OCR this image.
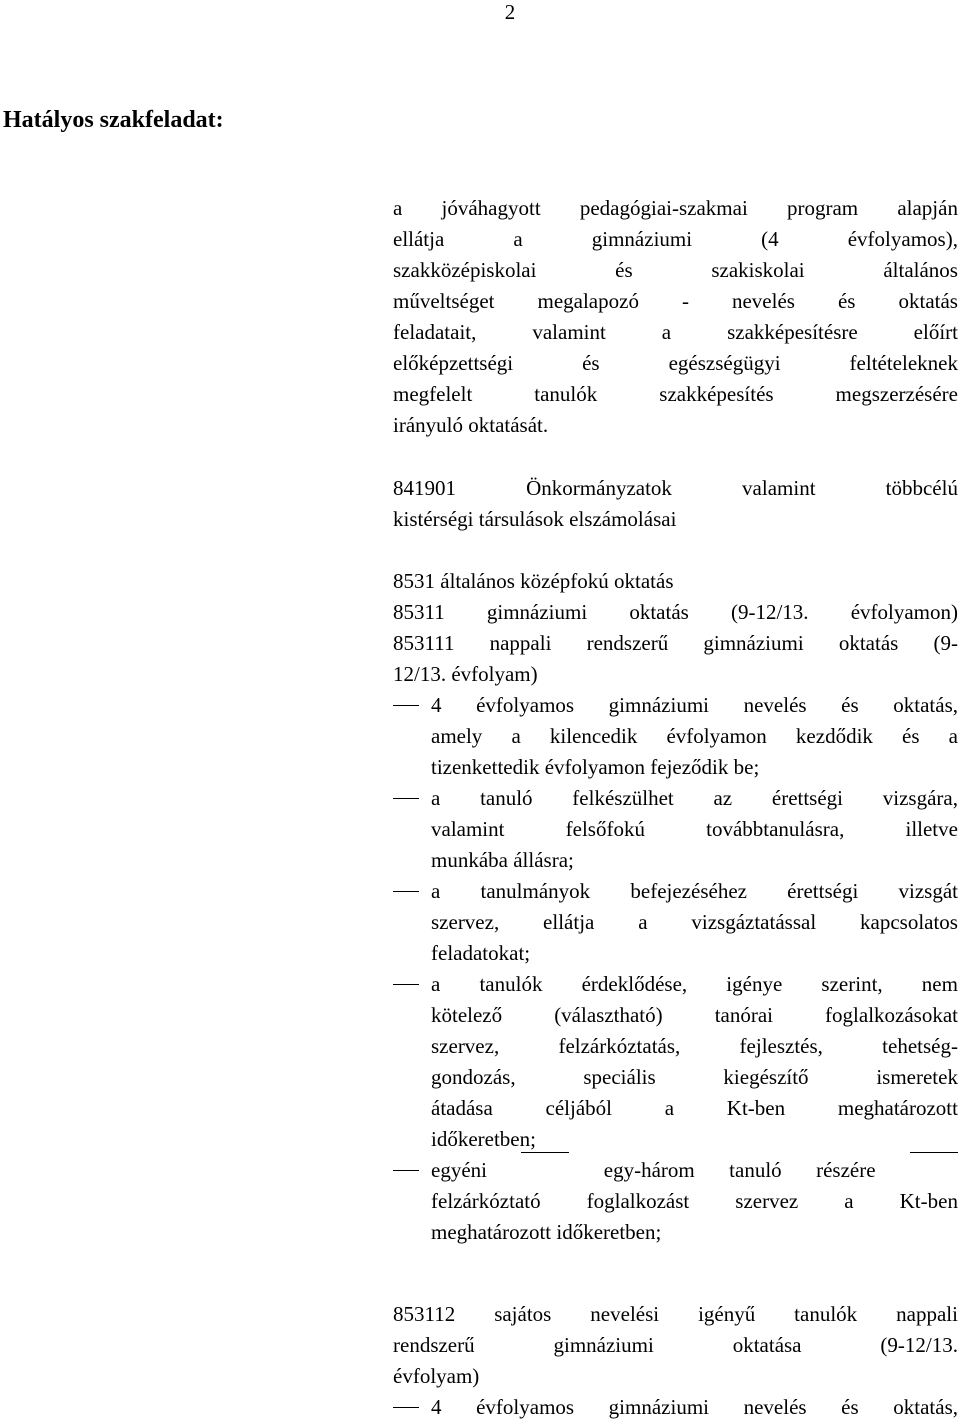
2
Hatályos szakfeladat:
a jóváhagyott pedagógiai-szakmai program alapján
ellátja	a	gimnáziumi	(4	évfolyamos),
szakközépiskolai	és	szakiskolai	általános
műveltséget megalapozó - nevelés és oktatás
feladatait,	valamint	a	szakképesítésre	előírt
előképzettségi	és	egészségügyi	feltételeknek
megfelelt	tanulók	szakképesítés	megszerzésére
irányuló oktatását.
841901	Önkormányzatok	valamint	többcélú
kistérségi társulások elszámolásai
8531 általános középfokú oktatás
85311 gimnáziumi oktatás (9-12/13. évfolyamon)
853111 nappali rendszerű gimnáziumi oktatás (9-
12/13. évfolyam)
4 évfolyamos gimnáziumi nevelés és oktatás,
amely a kilencedik évfolyamon kezdődik és a
tizenkettedik évfolyamon fejeződik be;
a tanuló felkészülhet az érettségi vizsgára,
valamint	felsőfokú	továbbtanulásra,	illetve
munkába állásra;
a tanulmányok befejezéséhez érettségi vizsgát
szervez, ellátja a vizsgáztatással kapcsolatos
feladatokat;
a tanulók érdeklődése, igénye szerint, nem
kötelező (választható) tanórai foglalkozásokat
szervez,	felzárkóztatás,	fejlesztés,	tehetség-
gondozás,	speciális	kiegészítő	ismeretek
átadása	céljából	a	Kt-ben	meghatározott
időkeretben;
egyéni	egy-három tanuló részére
felzárkóztató foglalkozást szervez a Kt-ben
meghatározott időkeretben;
853112 sajátos nevelési igényű tanulók nappali
rendszerű	gimnáziumi	oktatása	(9-12/13.
évfolyam)
4 évfolyamos gimnáziumi nevelés és oktatás,
